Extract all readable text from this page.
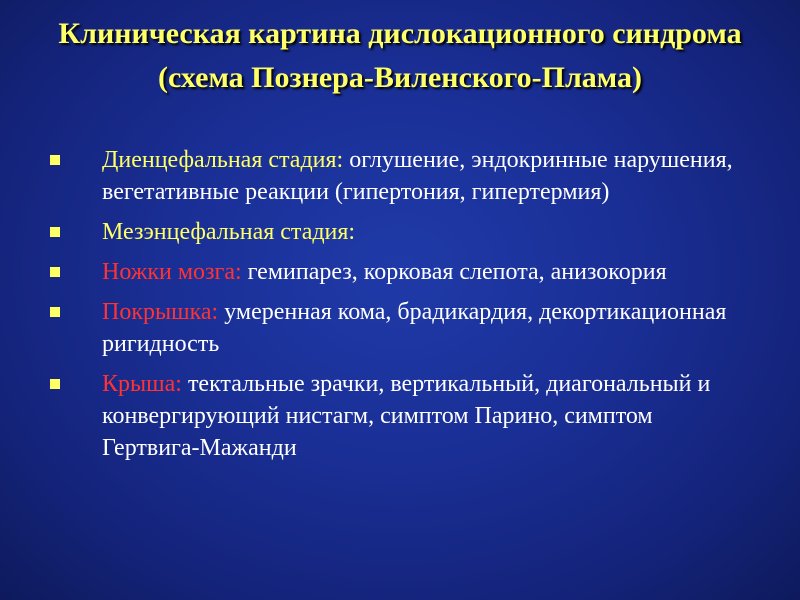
Клиническая картина дислокационного синдрома (схема Познера-Виленского-Плама)
Диенцефальная стадия: оглушение, эндокринные нарушения, вегетативные реакции (гипертония, гипертермия)
Мезэнцефальная стадия:
Ножки мозга: гемипарез, корковая слепота, анизокория
Покрышка: умеренная кома, брадикардия, декортикационная ригидность
Крыша: тектальные зрачки, вертикальный, диагональный и конвергирующий нистагм, симптом Парино, симптом Гертвига-Мажанди
